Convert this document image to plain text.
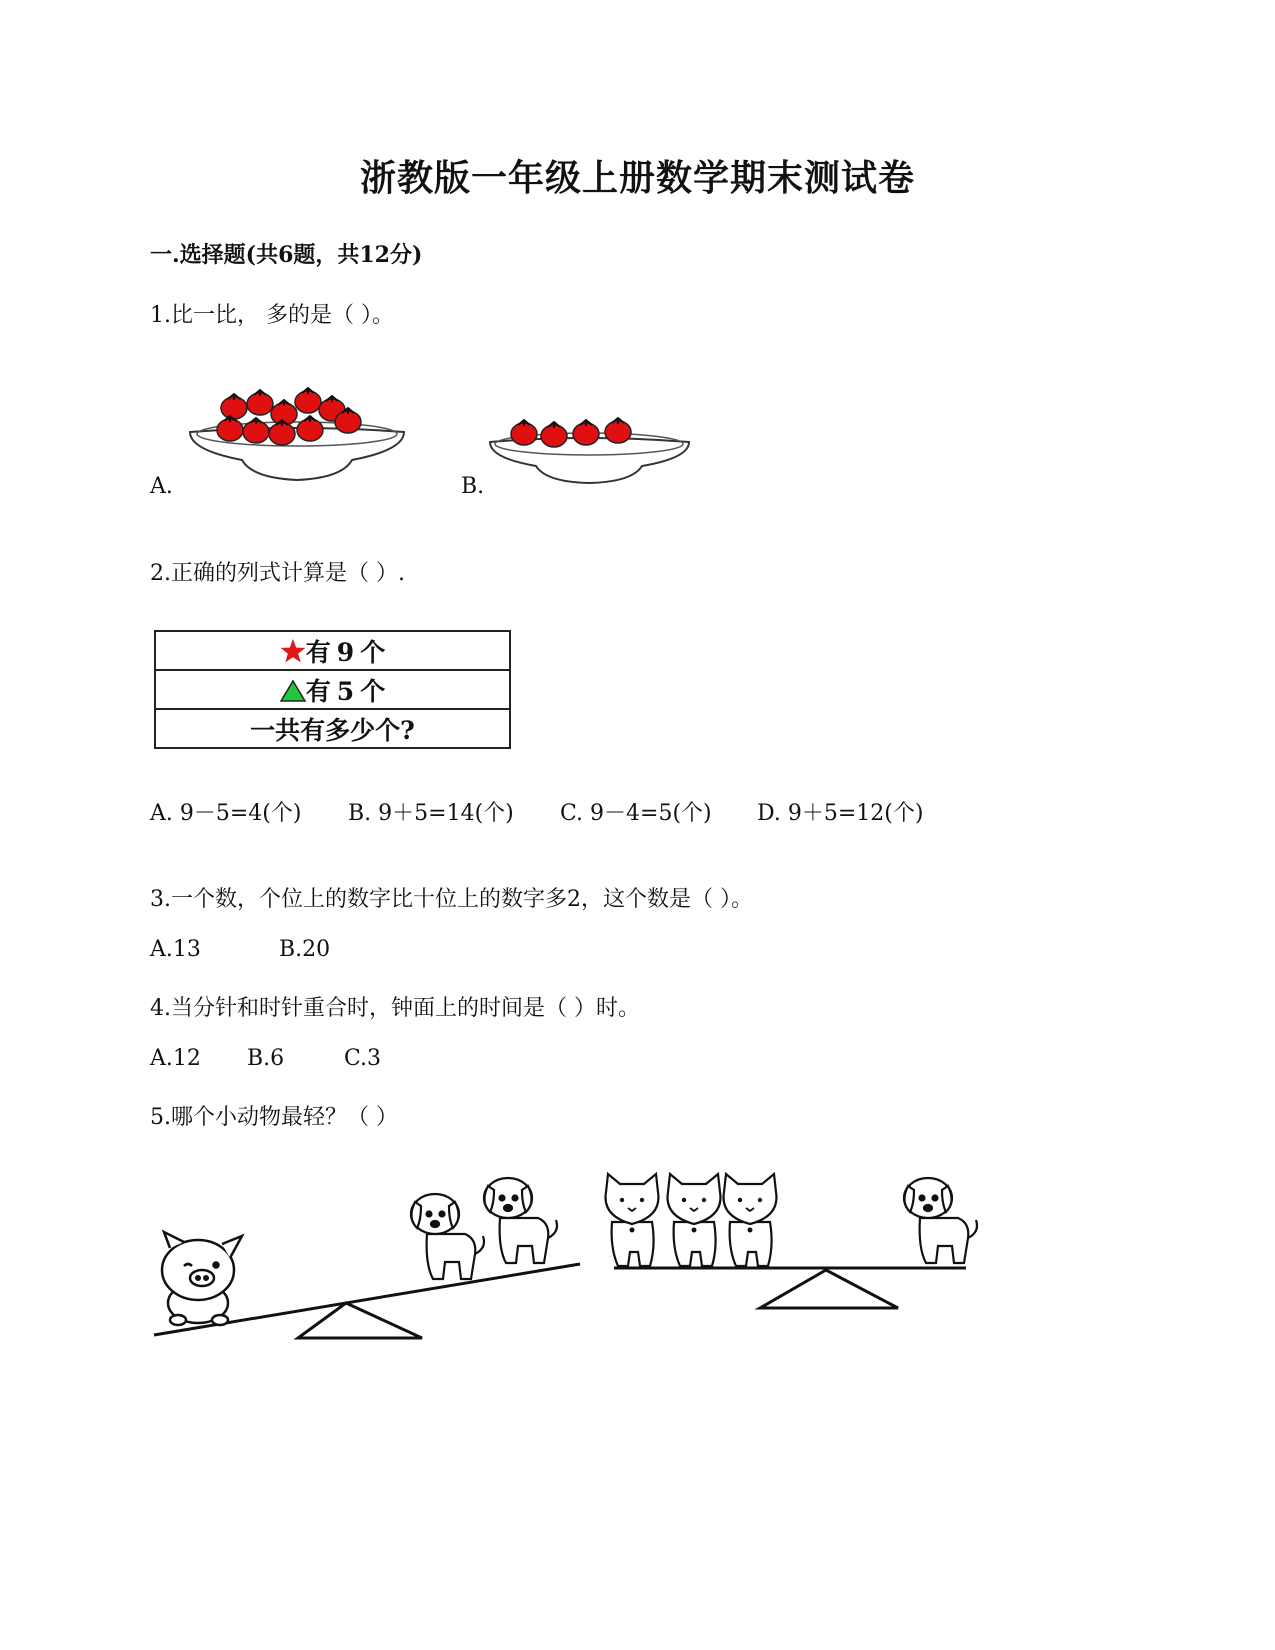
浙教版一年级上册数学期末测试卷
一.选择题(共6题，共12分)
1.比一比， 多的是（ ）。
A.	B.
2.正确的列式计算是（ ）.
有 9 个
有 5 个
一共有多少个?
A. 9－5=4(个) B. 9＋5=14(个) C. 9－4=5(个) D. 9＋5=12(个)
3.一个数，个位上的数字比十位上的数字多2，这个数是（ ）。
A.13	B.20
4.当分针和时针重合时，钟面上的时间是（ ）时。
A.12 B.6	C.3
5.哪个小动物最轻？（ ）
